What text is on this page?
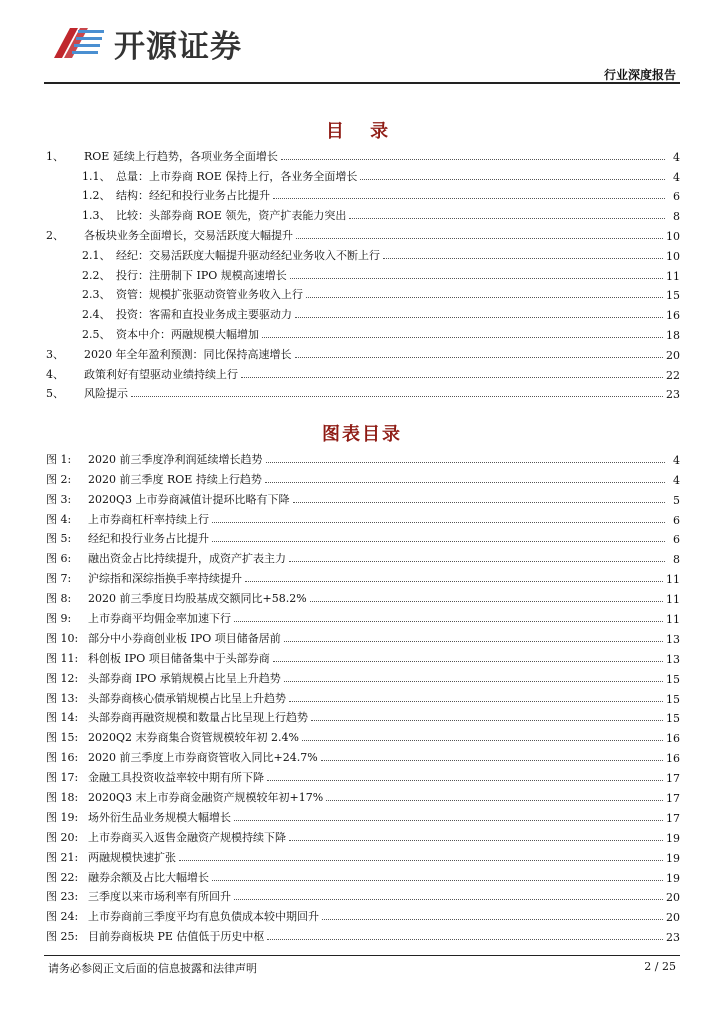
开源证券
行业深度报告
目 录
1、	ROE 延续上行趋势，各项业务全面增长	4
1.1、 总量：上市券商 ROE 保持上行，各业务全面增长	4
1.2、 结构：经纪和投行业务占比提升	6
1.3、 比较：头部券商 ROE 领先，资产扩表能力突出	8
2、	各板块业务全面增长，交易活跃度大幅提升	10
2.1、 经纪：交易活跃度大幅提升驱动经纪业务收入不断上行	10
2.2、 投行：注册制下 IPO 规模高速增长	11
2.3、 资管：规模扩张驱动资管业务收入上行	15
2.4、 投资：客需和直投业务成主要驱动力	16
2.5、 资本中介：两融规模大幅增加	18
3、	2020 年全年盈利预测：同比保持高速增长	20
4、	政策利好有望驱动业绩持续上行	22
5、	风险提示	23
图表目录
图 1:	2020 前三季度净利润延续增长趋势	4
图 2:	2020 前三季度 ROE 持续上行趋势	4
图 3:	2020Q3 上市券商减值计提环比略有下降	5
图 4:	上市券商杠杆率持续上行	6
图 5:	经纪和投行业务占比提升	6
图 6:	融出资金占比持续提升，成资产扩表主力	8
图 7:	沪综指和深综指换手率持续提升	11
图 8:	2020 前三季度日均股基成交额同比+58.2%	11
图 9:	上市券商平均佣金率加速下行	11
图 10: 部分中小券商创业板 IPO 项目储备居前	13
图 11: 科创板 IPO 项目储备集中于头部券商	13
图 12: 头部券商 IPO 承销规模占比呈上升趋势	15
图 13: 头部券商核心债承销规模占比呈上升趋势	15
图 14: 头部券商再融资规模和数量占比呈现上行趋势	15
图 15: 2020Q2 末券商集合资管规模较年初 2.4%	16
图 16: 2020 前三季度上市券商资管收入同比+24.7%	16
图 17: 金融工具投资收益率较中期有所下降	17
图 18: 2020Q3 末上市券商金融资产规模较年初+17%	17
图 19: 场外衍生品业务规模大幅增长	17
图 20: 上市券商买入返售金融资产规模持续下降	19
图 21: 两融规模快速扩张	19
图 22: 融券余额及占比大幅增长	19
图 23: 三季度以来市场利率有所回升	20
图 24: 上市券商前三季度平均有息负债成本较中期回升	20
图 25: 目前券商板块 PE 估值低于历史中枢	23
请务必参阅正文后面的信息披露和法律声明	2 / 25
